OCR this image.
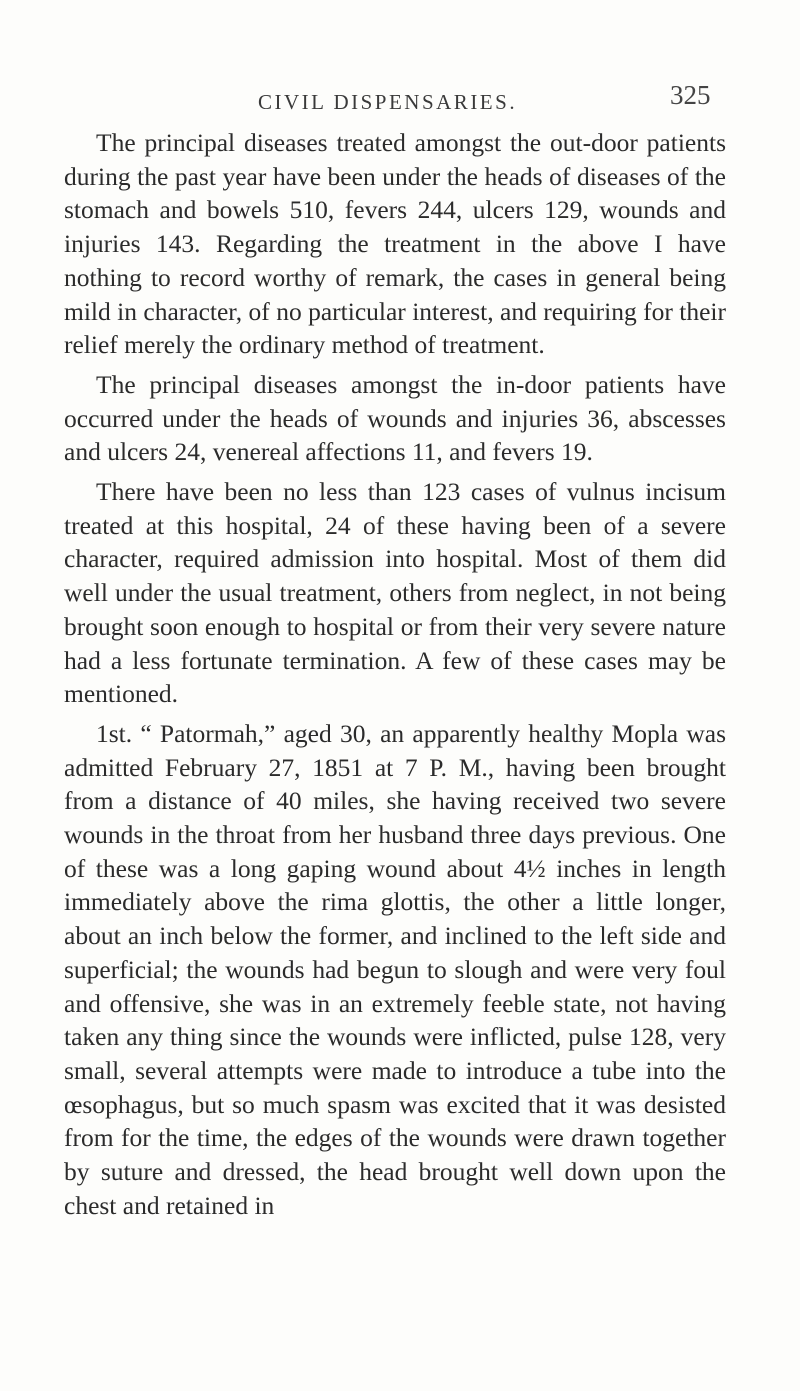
CIVIL DISPENSARIES.	325

The principal diseases treated amongst the out-door patients during the past year have been under the heads of diseases of the stomach and bowels 510, fevers 244, ulcers 129, wounds and injuries 143. Regarding the treatment in the above I have nothing to record worthy of remark, the cases in general being mild in character, of no particular interest, and requiring for their relief merely the ordinary method of treatment.

The principal diseases amongst the in-door patients have occurred under the heads of wounds and injuries 36, abscesses and ulcers 24, venereal affections 11, and fevers 19.

There have been no less than 123 cases of vulnus incisum treated at this hospital, 24 of these having been of a severe character, required admission into hospital. Most of them did well under the usual treatment, others from neglect, in not being brought soon enough to hospital or from their very severe nature had a less fortunate termination. A few of these cases may be mentioned.

1st. “ Patormah,” aged 30, an apparently healthy Mopla was admitted February 27, 1851 at 7 P. M., having been brought from a distance of 40 miles, she having received two severe wounds in the throat from her husband three days previous. One of these was a long gaping wound about 4½ inches in length immediately above the rima glottis, the other a little longer, about an inch below the former, and inclined to the left side and superficial; the wounds had begun to slough and were very foul and offensive, she was in an extremely feeble state, not having taken any thing since the wounds were inflicted, pulse 128, very small, several attempts were made to introduce a tube into the œsophagus, but so much spasm was excited that it was desisted from for the time, the edges of the wounds were drawn together by suture and dressed, the head brought well down upon the chest and retained in
